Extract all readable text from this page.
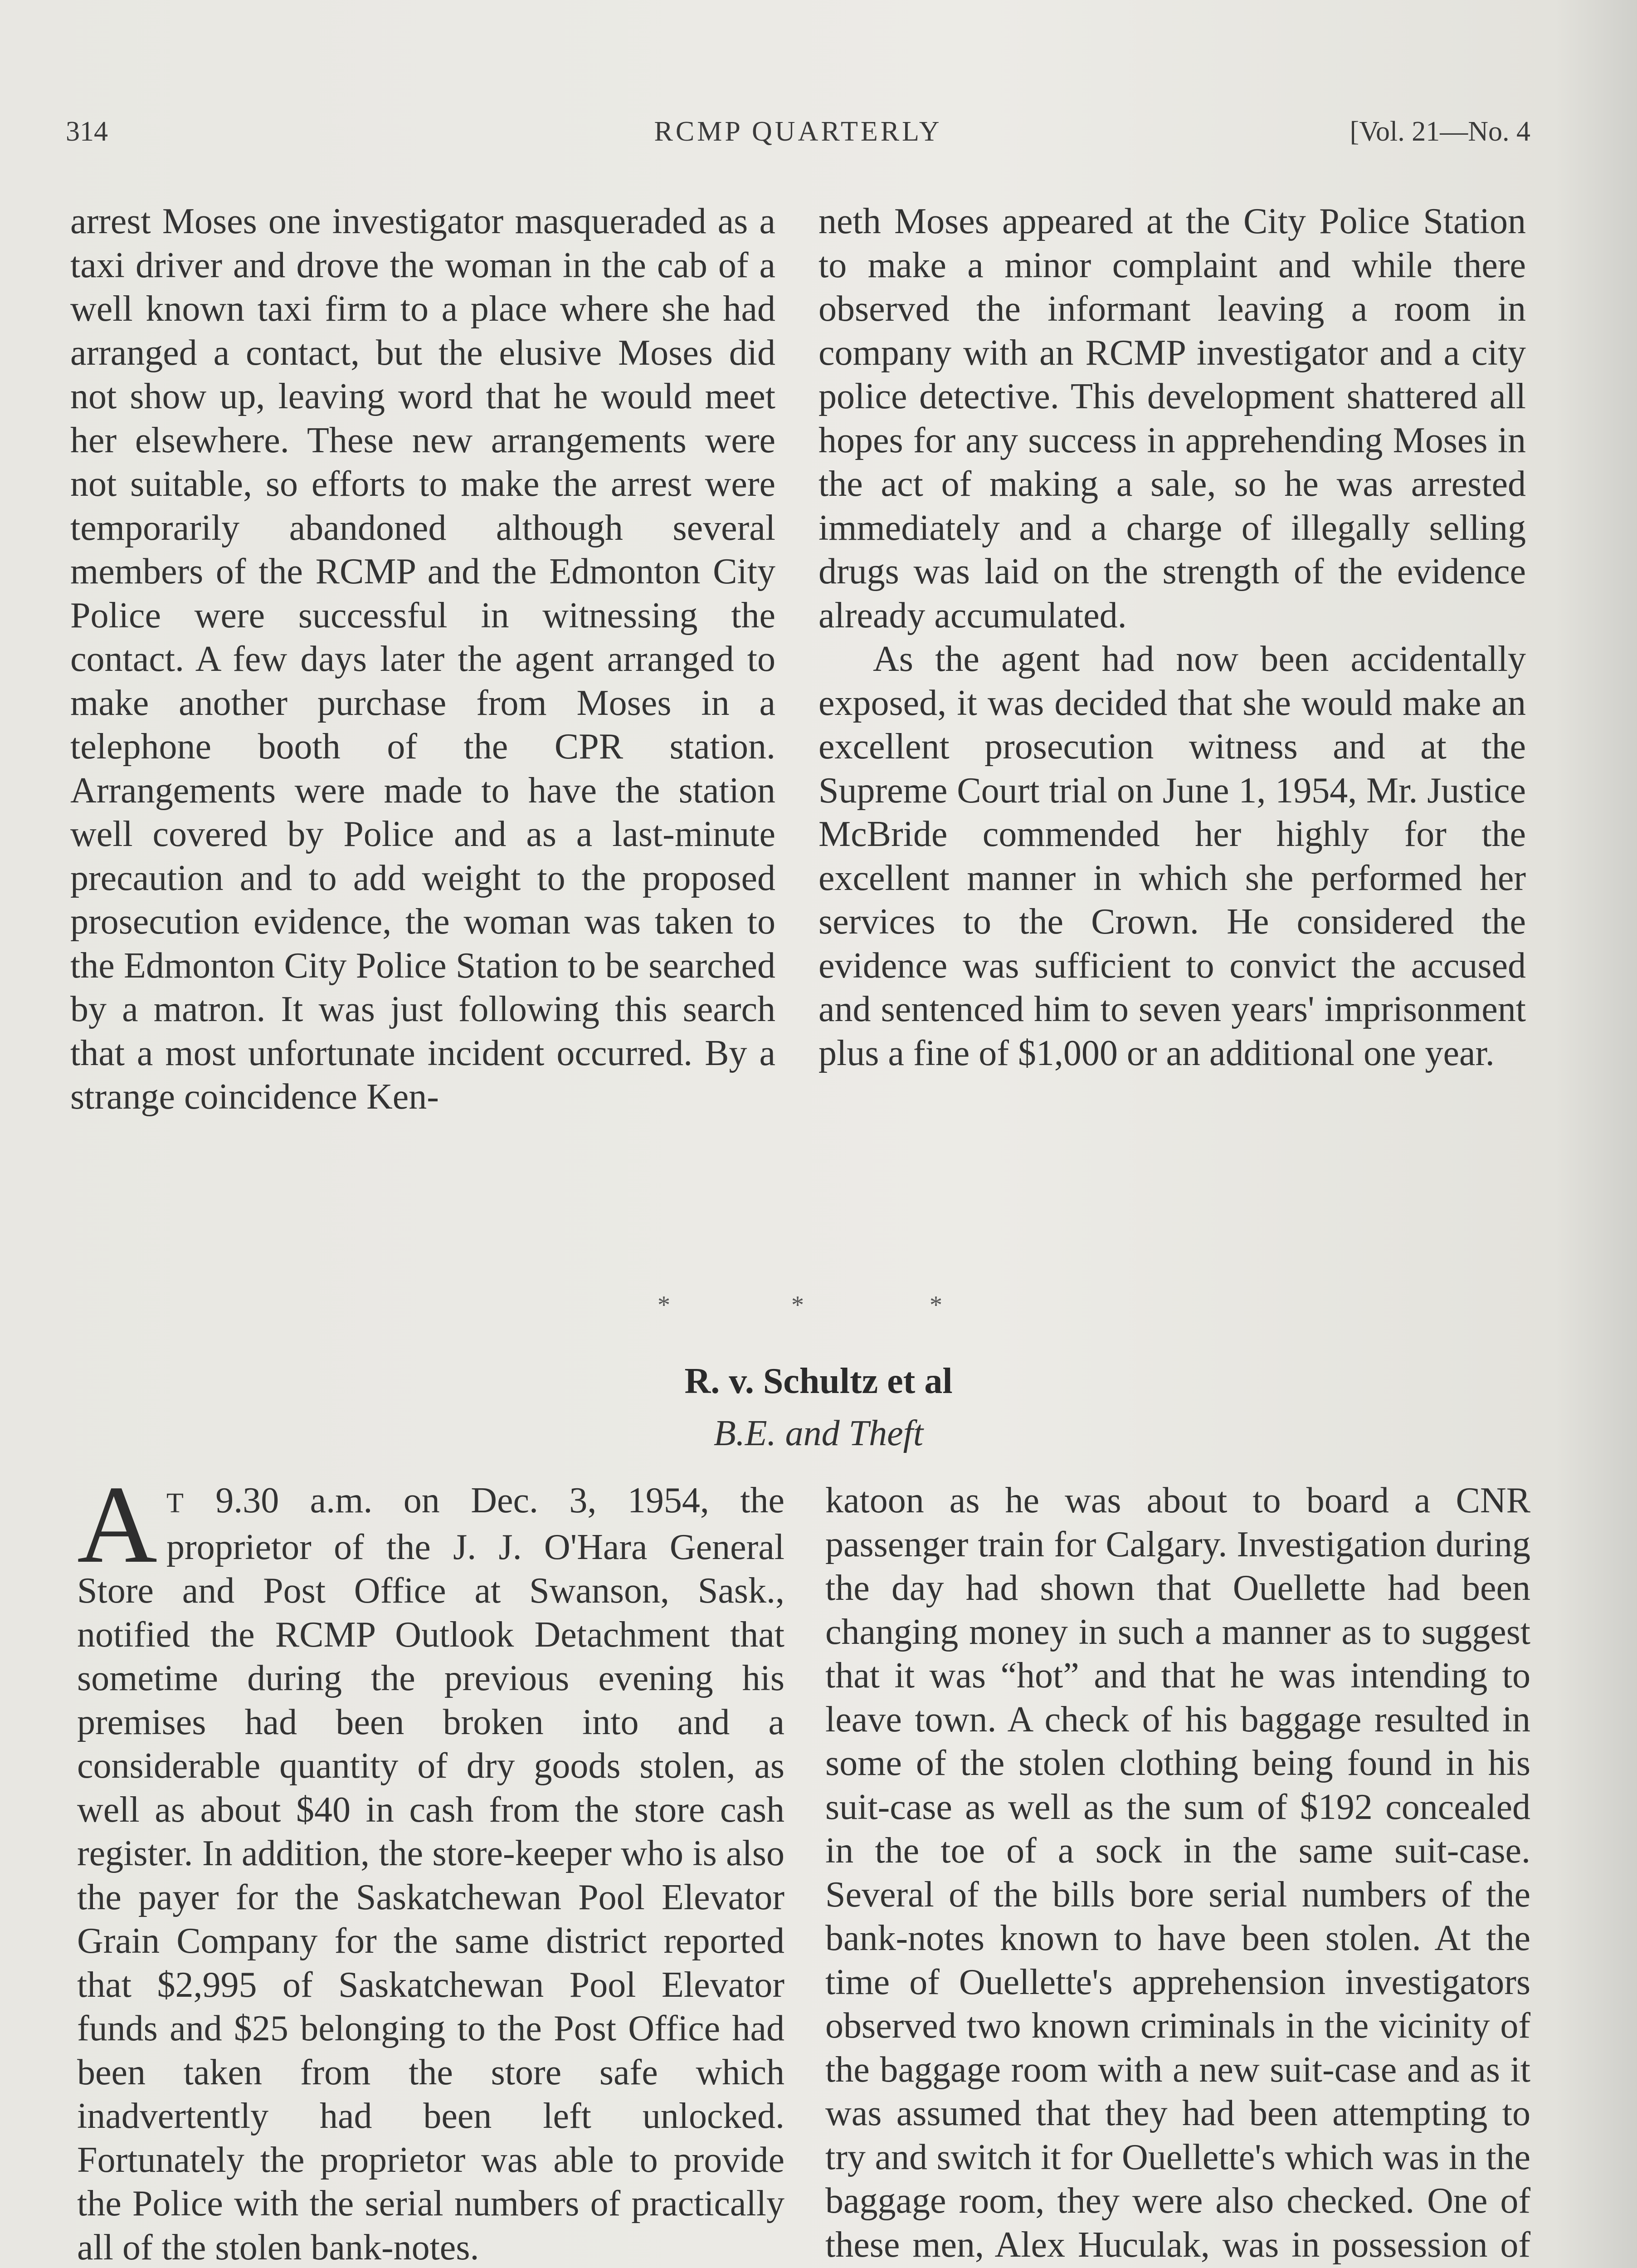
314	RCMP QUARTERLY	[Vol. 21—No. 4

arrest Moses one investigator masqueraded as a taxi driver and drove the woman in the cab of a well known taxi firm to a place where she had arranged a contact, but the elusive Moses did not show up, leaving word that he would meet her elsewhere. These new arrangements were not suitable, so efforts to make the arrest were temporarily abandoned although several members of the RCMP and the Edmonton City Police were successful in witnessing the contact. A few days later the agent arranged to make another purchase from Moses in a telephone booth of the CPR station. Arrangements were made to have the station well covered by Police and as a last-minute precaution and to add weight to the proposed prosecution evidence, the woman was taken to the Edmonton City Police Station to be searched by a matron. It was just following this search that a most unfortunate incident occurred. By a strange coincidence Ken-

neth Moses appeared at the City Police Station to make a minor complaint and while there observed the informant leaving a room in company with an RCMP investigator and a city police detective. This development shattered all hopes for any success in apprehending Moses in the act of making a sale, so he was arrested immediately and a charge of illegally selling drugs was laid on the strength of the evidence already accumulated.

As the agent had now been accidentally exposed, it was decided that she would make an excellent prosecution witness and at the Supreme Court trial on June 1, 1954, Mr. Justice McBride commended her highly for the excellent manner in which she performed her services to the Crown. He considered the evidence was sufficient to convict the accused and sentenced him to seven years' imprisonment plus a fine of $1,000 or an additional one year.

*	*	*
R. v. Schultz et al
B.E. and Theft

A T 9.30 a.m. on Dec. 3, 1954, the proprietor of the J. J. O'Hara General Store and Post Office at Swanson, Sask., notified the RCMP Outlook Detachment that sometime during the previous evening his premises had been broken into and a considerable quantity of dry goods stolen, as well as about $40 in cash from the store cash register. In addition, the store-keeper who is also the payer for the Saskatchewan Pool Elevator Grain Company for the same district reported that $2,995 of Saskatchewan Pool Elevator funds and $25 belonging to the Post Office had been taken from the store safe which inadvertently had been left unlocked. Fortunately the proprietor was able to provide the Police with the serial numbers of practically all of the stolen bank-notes.

katoon as he was about to board a CNR passenger train for Calgary. Investigation during the day had shown that Ouellette had been changing money in such a manner as to suggest that it was “hot” and that he was intending to leave town. A check of his baggage resulted in some of the stolen clothing being found in his suit-case as well as the sum of $192 concealed in the toe of a sock in the same suit-case. Several of the bills bore serial numbers of the bank-notes known to have been stolen. At the time of Ouellette's apprehension investigators observed two known criminals in the vicinity of the baggage room with a new suit-case and as it was assumed that they had been attempting to try and switch it for Ouellette's which was in the baggage room, they were also checked. One of these men, Alex Huculak, was in possession of
